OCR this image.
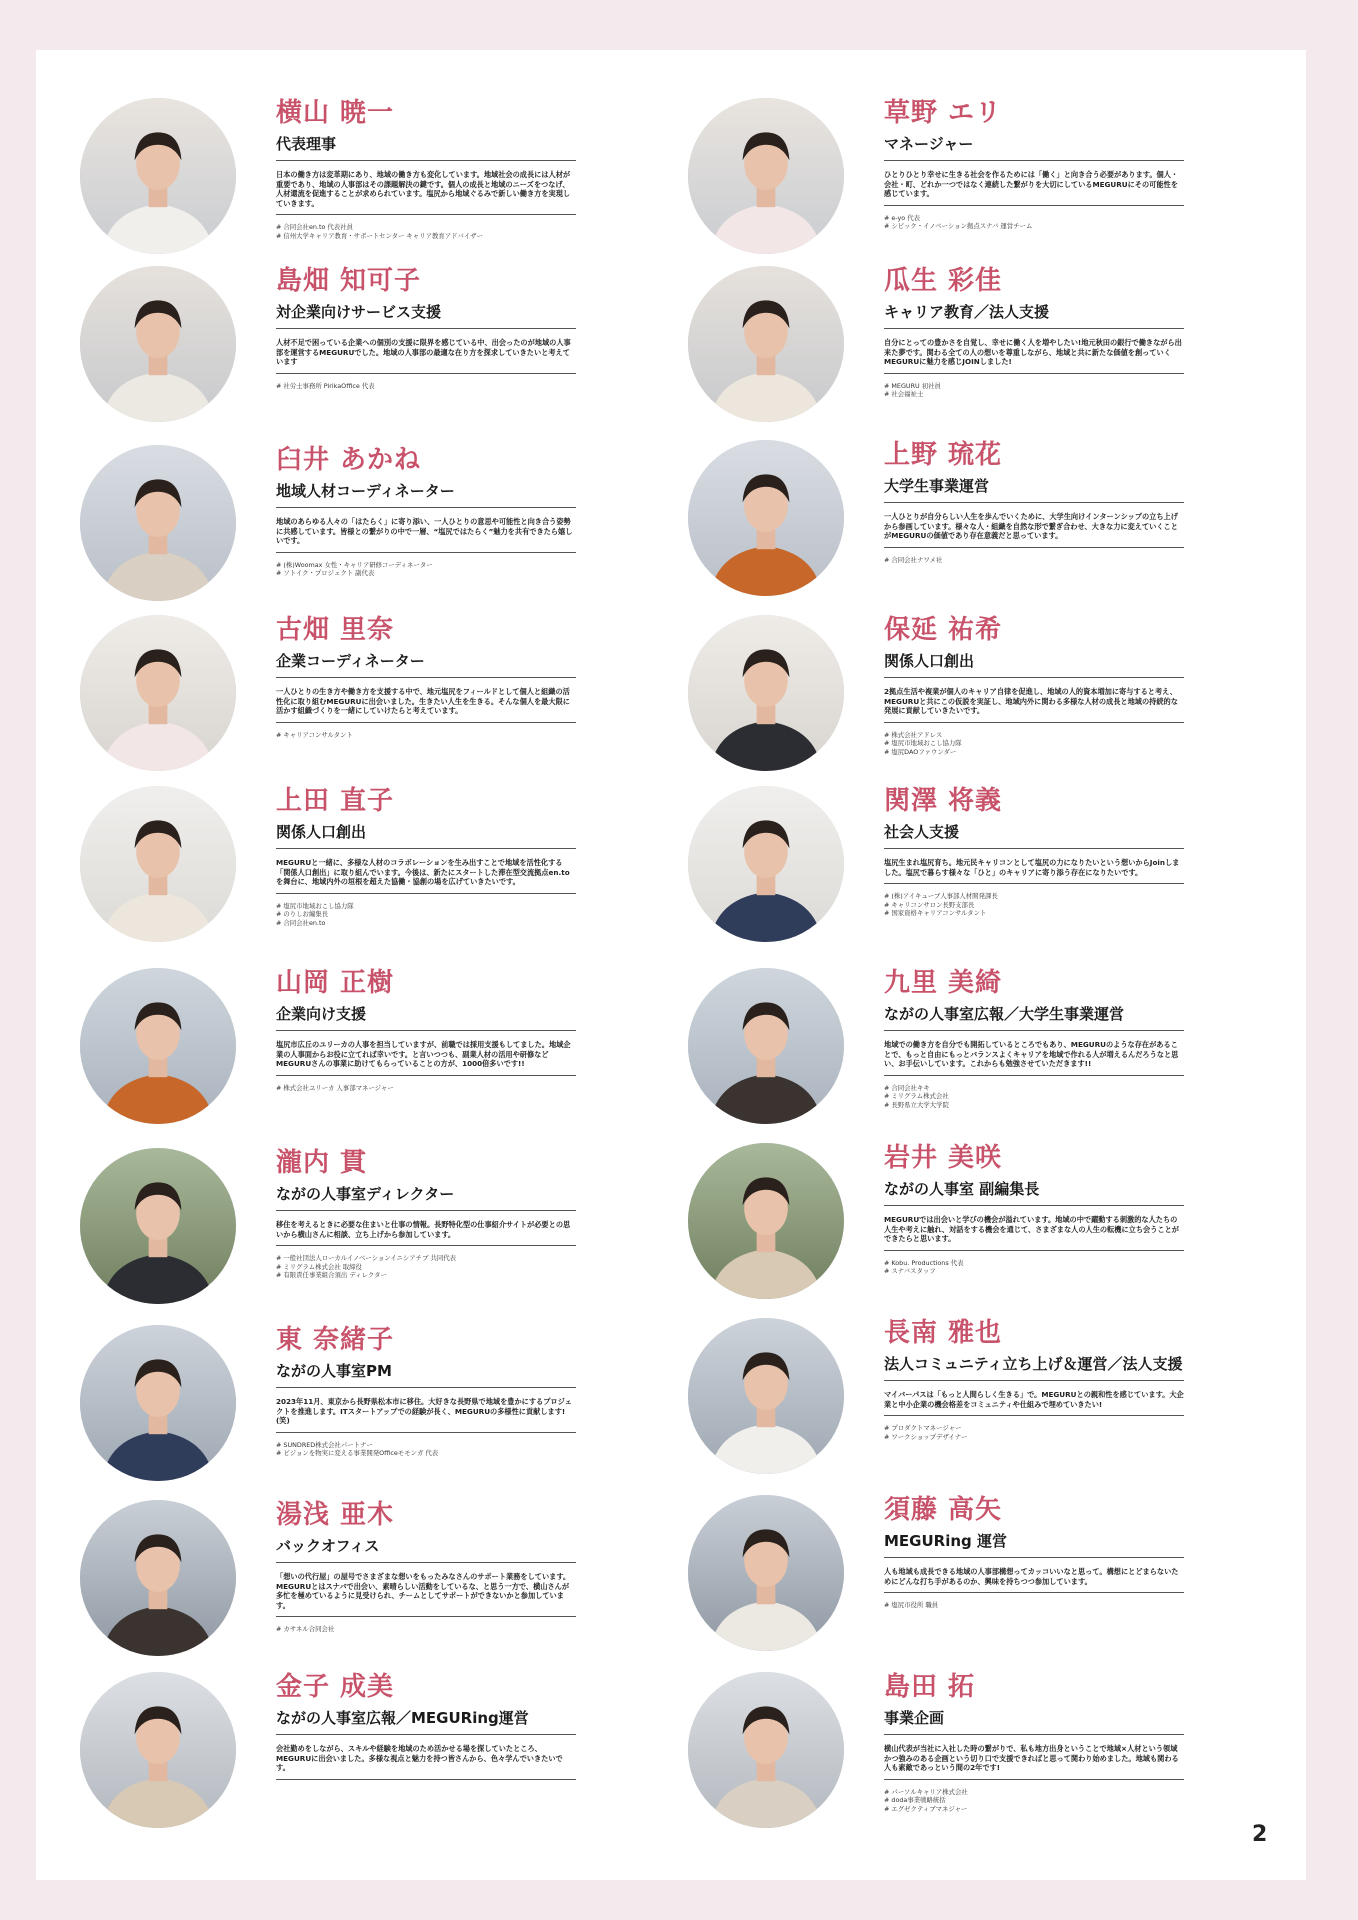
横山 暁一
代表理事
日本の働き方は変革期にあり、地域の働き方も変化しています。地域社会の成長には人材が重要であり、地域の人事部はその課題解決の鍵です。個人の成長と地域のニーズをつなげ、人材還流を促進することが求められています。塩尻から地域ぐるみで新しい働き方を実現していきます。
# 合同会社en.to 代表社員
# 信州大学キャリア教育・サポートセンター キャリア教育アドバイザー
島畑 知可子
対企業向けサービス支援
人材不足で困っている企業への個別の支援に限界を感じている中、出会ったのが地域の人事部を運営するMEGURUでした。地域の人事部の最適な在り方を探求していきたいと考えています
# 社労士事務所 PirikaOffice 代表
臼井 あかね
地域人材コーディネーター
地域のあらゆる人々の「はたらく」に寄り添い、一人ひとりの意思や可能性と向き合う姿勢に共感しています。皆様との繋がりの中で一層、“塩尻ではたらく”魅力を共有できたら嬉しいです。
# (株)Woomax 女性・キャリア研修コーディネーター
# ソトイク・プロジェクト 副代表
古畑 里奈
企業コーディネーター
一人ひとりの生き方や働き方を支援する中で、地元塩尻をフィールドとして個人と組織の活性化に取り組むMEGURUに出会いました。生きたい人生を生きる。そんな個人を最大限に活かす組織づくりを一緒にしていけたらと考えています。
# キャリアコンサルタント
上田 直子
関係人口創出
MEGURUと一緒に、多様な人材のコラボレーションを生み出すことで地域を活性化する「関係人口創出」に取り組んでいます。今後は、新たにスタートした滞在型交流拠点en.toを舞台に、地域内外の垣根を超えた協働・協創の場を広げていきたいです。
# 塩尻市地域おこし協力隊
# のりしお編集長
# 合同会社en.to
山岡 正樹
企業向け支援
塩尻市広丘のユリーカの人事を担当していますが、前職では採用支援もしてました。地域企業の人事面からお役に立てれば幸いです。と言いつつも、副業人材の活用や研修などMEGURUさんの事業に助けてもらっていることの方が、1000倍多いです!!
# 株式会社ユリーカ 人事部マネージャー
瀧内 貫
ながの人事室ディレクター
移住を考えるときに必要な住まいと仕事の情報。長野特化型の仕事紹介サイトが必要との思いから横山さんに相談、立ち上げから参加しています。
# 一般社団法人ローカルイノベーションイニシアチブ 共同代表
# ミリグラム株式会社 取締役
# 有限責任事業組合須出 ディレクター
東 奈緒子
ながの人事室PM
2023年11月、東京から長野県松本市に移住。大好きな長野県で地域を豊かにするプロジェクトを推進します。ITスタートアップでの経験が長く、MEGURUの多様性に貢献します!(笑)
# SUNDRED株式会社パートナー
# ビジョンを物実に変える事業開発Officeモモンガ 代表
湯浅 亜木
バックオフィス
「想いの代行屋」の屋号でさまざまな想いをもったみなさんのサポート業務をしています。MEGURUとはスナバで出会い、素晴らしい活動をしているな、と思う一方で、横山さんが多忙を極めているように見受けられ、チームとしてサポートができないかと参加しています。
# カサネル合同会社
金子 成美
ながの人事室広報／MEGURing運営
会社勤めをしながら、スキルや経験を地域のため活かせる場を探していたところ、MEGURUに出会いました。多様な視点と魅力を持つ皆さんから、色々学んでいきたいです。
草野 エリ
マネージャー
ひとりひとり幸せに生きる社会を作るためには「働く」と向き合う必要があります。個人・会社・町、どれか一つではなく連続した繋がりを大切にしているMEGURUにその可能性を感じています。
# e-yo 代表
# シビック・イノベーション拠点スナバ 運営チーム
瓜生 彩佳
キャリア教育／法人支援
自分にとっての豊かさを自覚し、幸せに働く人を増やしたい!地元秋田の銀行で働きながら出来た夢です。関わる全ての人の想いを尊重しながら、地域と共に新たな価値を創っていくMEGURUに魅力を感じJOINしました!
# MEGURU 初社員
# 社会福祉士
上野 琉花
大学生事業運営
一人ひとりが自分らしい人生を歩んでいくために、大学生向けインターンシップの立ち上げから参画しています。様々な人・組織を自然な形で繋ぎ合わせ、大きな力に変えていくことがMEGURUの価値であり存在意義だと思っています。
# 合同会社ナワメ社
保延 祐希
関係人口創出
2拠点生活や複業が個人のキャリア自律を促進し、地域の人的資本増加に寄与すると考え、MEGURUと共にこの仮説を実証し、地域内外に関わる多様な人材の成長と地域の持続的な発展に貢献していきたいです。
# 株式会社アドレス
# 塩尻市地域おこし協力隊
# 塩尻DAOファウンダー
関澤 将義
社会人支援
塩尻生まれ塩尻育ち。地元民キャリコンとして塩尻の力になりたいという想いからJoinしました。塩尻で暮らす様々な「ひと」のキャリアに寄り添う存在になりたいです。
# (株)アイキューブ人事部人材開発課長
# キャリコンサロン長野支部長
# 国家資格キャリアコンサルタント
九里 美綺
ながの人事室広報／大学生事業運営
地域での働き方を自分でも開拓しているところでもあり、MEGURUのような存在があることで、もっと自由にもっとバランスよくキャリアを地域で作れる人が増えるんだろうなと思い、お手伝いしています。これからも勉強させていただきます!!
# 合同会社キキ
# ミリグラム株式会社
# 長野県立大学大学院
岩井 美咲
ながの人事室 副編集長
MEGURUでは出会いと学びの機会が溢れています。地域の中で躍動する刺激的な人たちの人生や考えに触れ、対話をする機会を通じて、さまざまな人の人生の転機に立ち会うことができたらと思います。
# Kobu. Productions 代表
# スナバスタッフ
長南 雅也
法人コミュニティ立ち上げ＆運営／法人支援
マイバーパスは「もっと人間らしく生きる」で。MEGURUとの親和性を感じています。大企業と中小企業の機会格差をコミュニティや仕組みで埋めていきたい!
# プロダクトマネージャー
# ワークショップデザイナー
須藤 高矢
MEGURing 運営
人も地域も成長できる地域の人事部構想ってカッコいいなと思って。構想にとどまらないためにどんな打ち手があるのか、興味を持ちつつ参加しています。
# 塩尻市役所 職員
島田 拓
事業企画
横山代表が当社に入社した時の繋がりで、私も地方出身ということで地域×人材という領域かつ強みのある企画という切り口で支援できればと思って関わり始めました。地域も関わる人も素敵であっという間の2年です!
# パーソルキャリア株式会社
# doda事業戦略統括
# エグゼクティブマネジャー
2
